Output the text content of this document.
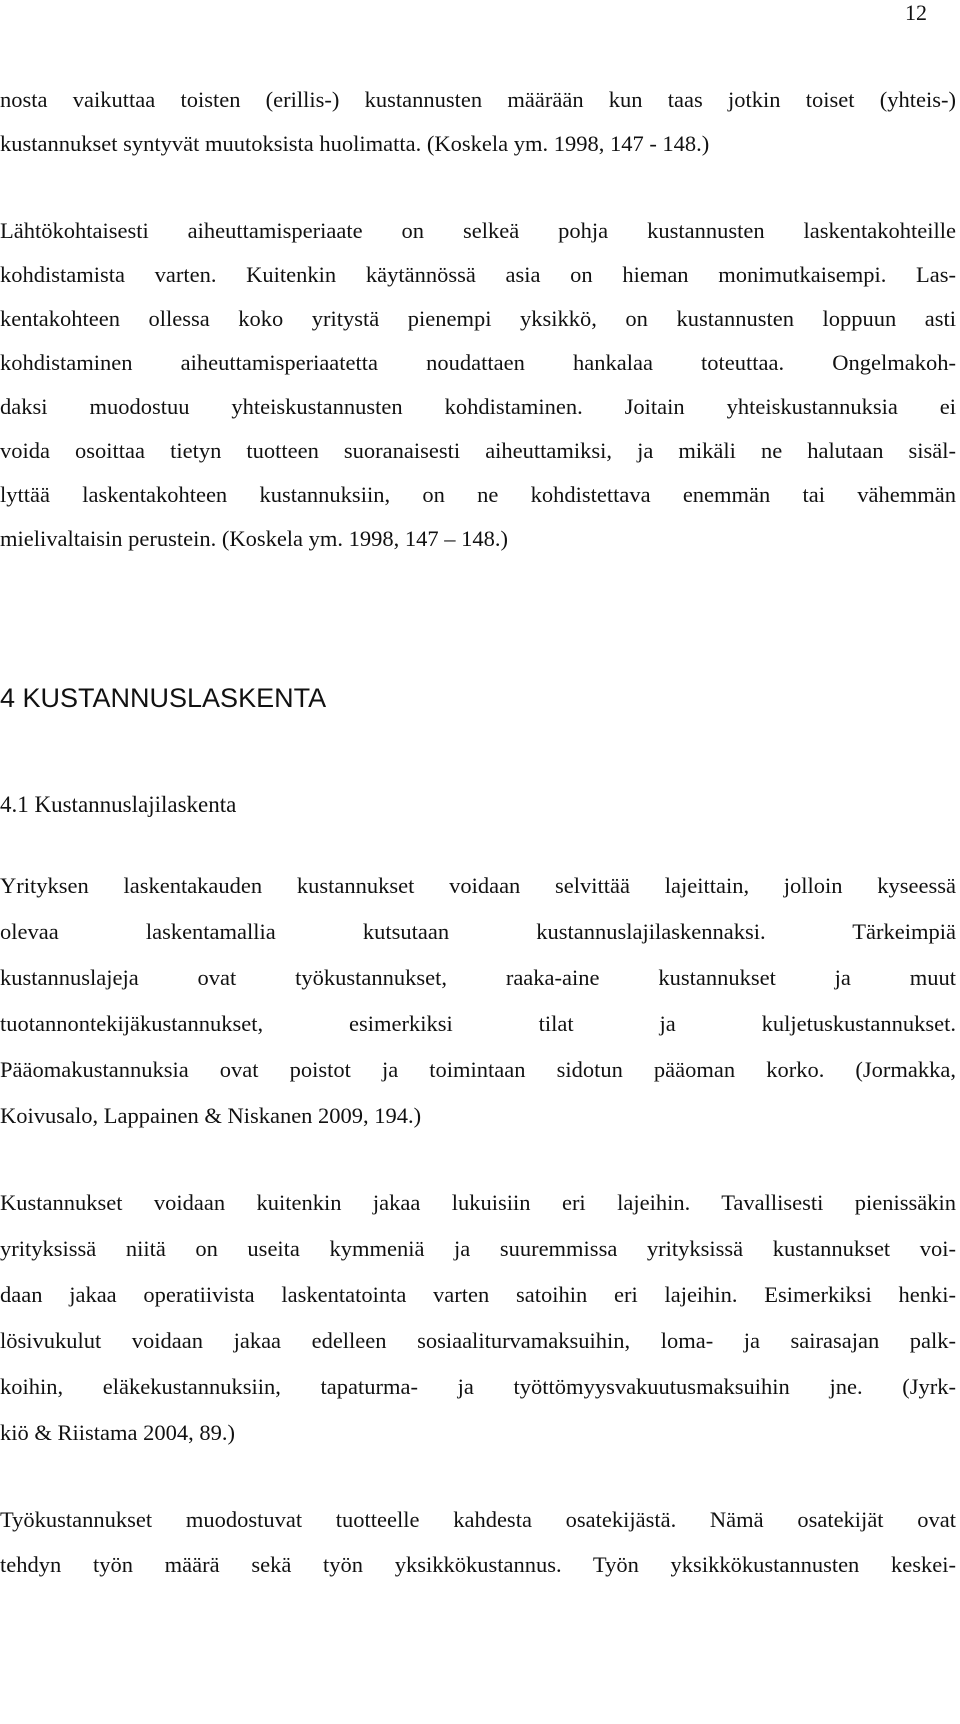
12
nosta vaikuttaa toisten (erillis-) kustannusten määrään kun taas jotkin toiset (yhteis-)
kustannukset syntyvät muutoksista huolimatta. (Koskela ym. 1998, 147 - 148.)
Lähtökohtaisesti aiheuttamisperiaate on selkeä pohja kustannusten laskentakohteille
kohdistamista varten. Kuitenkin käytännössä asia on hieman monimutkaisempi. Las-
kentakohteen ollessa koko yritystä pienempi yksikkö, on kustannusten loppuun asti
kohdistaminen aiheuttamisperiaatetta noudattaen hankalaa toteuttaa. Ongelmakoh-
daksi muodostuu yhteiskustannusten kohdistaminen. Joitain yhteiskustannuksia ei
voida osoittaa tietyn tuotteen suoranaisesti aiheuttamiksi, ja mikäli ne halutaan sisäl-
lyttää laskentakohteen kustannuksiin, on ne kohdistettava enemmän tai vähemmän
mielivaltaisin perustein. (Koskela ym. 1998, 147 – 148.)
4 KUSTANNUSLASKENTA
4.1 Kustannuslajilaskenta
Yrityksen laskentakauden kustannukset voidaan selvittää lajeittain, jolloin kyseessä
olevaa laskentamallia kutsutaan kustannuslajilaskennaksi. Tärkeimpiä
kustannuslajeja ovat työkustannukset, raaka-aine kustannukset ja muut
tuotannontekijäkustannukset, esimerkiksi tilat ja kuljetuskustannukset.
Pääomakustannuksia ovat poistot ja toimintaan sidotun pääoman korko. (Jormakka,
Koivusalo, Lappainen & Niskanen 2009, 194.)
Kustannukset voidaan kuitenkin jakaa lukuisiin eri lajeihin. Tavallisesti pienissäkin
yrityksissä niitä on useita kymmeniä ja suuremmissa yrityksissä kustannukset voi-
daan jakaa operatiivista laskentatointa varten satoihin eri lajeihin. Esimerkiksi henki-
lösivukulut voidaan jakaa edelleen sosiaaliturvamaksuihin, loma- ja sairasajan palk-
koihin, eläkekustannuksiin, tapaturma- ja työttömyysvakuutusmaksuihin jne. (Jyrk-
kiö & Riistama 2004, 89.)
Työkustannukset muodostuvat tuotteelle kahdesta osatekijästä. Nämä osatekijät ovat
tehdyn työn määrä sekä työn yksikkökustannus. Työn yksikkökustannusten keskei-
